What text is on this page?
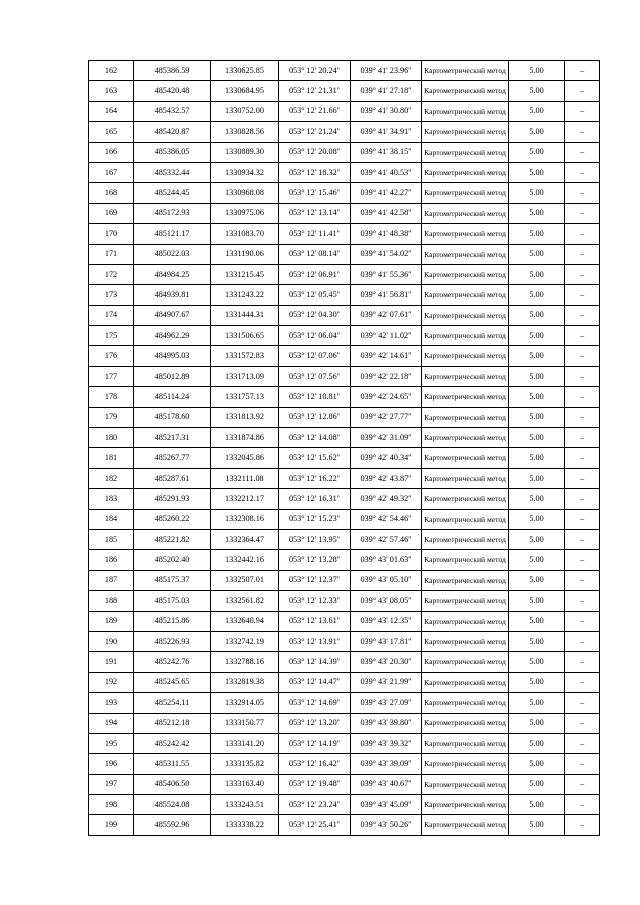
162	485386.59	1330625.85	053° 12' 20.24"	039° 41' 23.96"	Картометрический метод	5.00	–
163	485420.48	1330684.95	053° 12' 21.31"	039° 41' 27.18"	Картометрический метод	5.00	–
164	485432.57	1330752.00	053° 12' 21.66"	039° 41' 30.80"	Картометрический метод	5.00	–
165	485420.87	1330828.56	053° 12' 21.24"	039° 41' 34.91"	Картометрический метод	5.00	–
166	485386.05	1330889.30	053° 12' 20.08"	039° 41' 38.15"	Картометрический метод	5.00	–
167	485332.44	1330934.32	053° 12' 18.32"	039° 41' 40.53"	Картометрический метод	5.00	–
168	485244.45	1330968.08	053° 12' 15.46"	039° 41' 42.27"	Картометрический метод	5.00	–
169	485172.93	1330975.06	053° 12' 13.14"	039° 41' 42.58"	Картометрический метод	5.00	–
170	485121.17	1331083.70	053° 12' 11.41"	039° 41' 48.38"	Картометрический метод	5.00	–
171	485022.03	1331190.06	053° 12' 08.14"	039° 41' 54.02"	Картометрический метод	5.00	–
172	484984.25	1331215.45	053° 12' 06.91"	039° 41' 55.36"	Картометрический метод	5.00	–
173	484939.81	1331243.22	053° 12' 05.45"	039° 41' 56.81"	Картометрический метод	5.00	–
174	484907.67	1331444.31	053° 12' 04.30"	039° 42' 07.61"	Картометрический метод	5.00	–
175	484962.29	1331506.65	053° 12' 06.04"	039° 42' 11.02"	Картометрический метод	5.00	–
176	484995.03	1331572.83	053° 12' 07.06"	039° 42' 14.61"	Картометрический метод	5.00	–
177	485012.89	1331713.09	053° 12' 07.56"	039° 42' 22.18"	Картометрический метод	5.00	–
178	485114.24	1331757.13	053° 12' 10.81"	039° 42' 24.65"	Картометрический метод	5.00	–
179	485178.60	1331813.92	053° 12' 12.86"	039° 42' 27.77"	Картометрический метод	5.00	–
180	485217.31	1331874.86	053° 12' 14.08"	039° 42' 31.09"	Картометрический метод	5.00	–
181	485267.77	1332045.86	053° 12' 15.62"	039° 42' 40.34"	Картометрический метод	5.00	–
182	485287.61	1332111.08	053° 12' 16.22"	039° 42' 43.87"	Картометрический метод	5.00	–
183	485291.93	1332212.17	053° 12' 16.31"	039° 42' 49.32"	Картометрический метод	5.00	–
184	485260.22	1332308.16	053° 12' 15.23"	039° 42' 54.46"	Картометрический метод	5.00	–
185	485221.82	1332364.47	053° 12' 13.95"	039° 42' 57.46"	Картометрический метод	5.00	–
186	485202.40	1332442.16	053° 12' 13.28"	039° 43' 01.63"	Картометрический метод	5.00	–
187	485175.37	1332507.01	053° 12' 12.37"	039° 43' 05.10"	Картометрический метод	5.00	–
188	485175.03	1332561.82	053° 12' 12.33"	039° 43' 08.05"	Картометрический метод	5.00	–
189	485215.86	1332640.94	053° 12' 13.61"	039° 43' 12.35"	Картометрический метод	5.00	–
190	485226.93	1332742.19	053° 12' 13.91"	039° 43' 17.81"	Картометрический метод	5.00	–
191	485242.76	1332788.16	053° 12' 14.39"	039° 43' 20.30"	Картометрический метод	5.00	–
192	485245.65	1332819.38	053° 12' 14.47"	039° 43' 21.99"	Картометрический метод	5.00	–
193	485254.11	1332914.05	053° 12' 14.69"	039° 43' 27.09"	Картометрический метод	5.00	–
194	485212.18	1333150.77	053° 12' 13.20"	039° 43' 39.80"	Картометрический метод	5.00	–
195	485242.42	1333141.20	053° 12' 14.19"	039° 43' 39.32"	Картометрический метод	5.00	–
196	485311.55	1333135.82	053° 12' 16.42"	039° 43' 39.09"	Картометрический метод	5.00	–
197	485406.50	1333163.40	053° 12' 19.48"	039° 43' 40.67"	Картометрический метод	5.00	–
198	485524.08	1333243.51	053° 12' 23.24"	039° 43' 45.09"	Картометрический метод	5.00	–
199	485592.96	1333338.22	053° 12' 25.41"	039° 43' 50.26"	Картометрический метод	5.00	–
